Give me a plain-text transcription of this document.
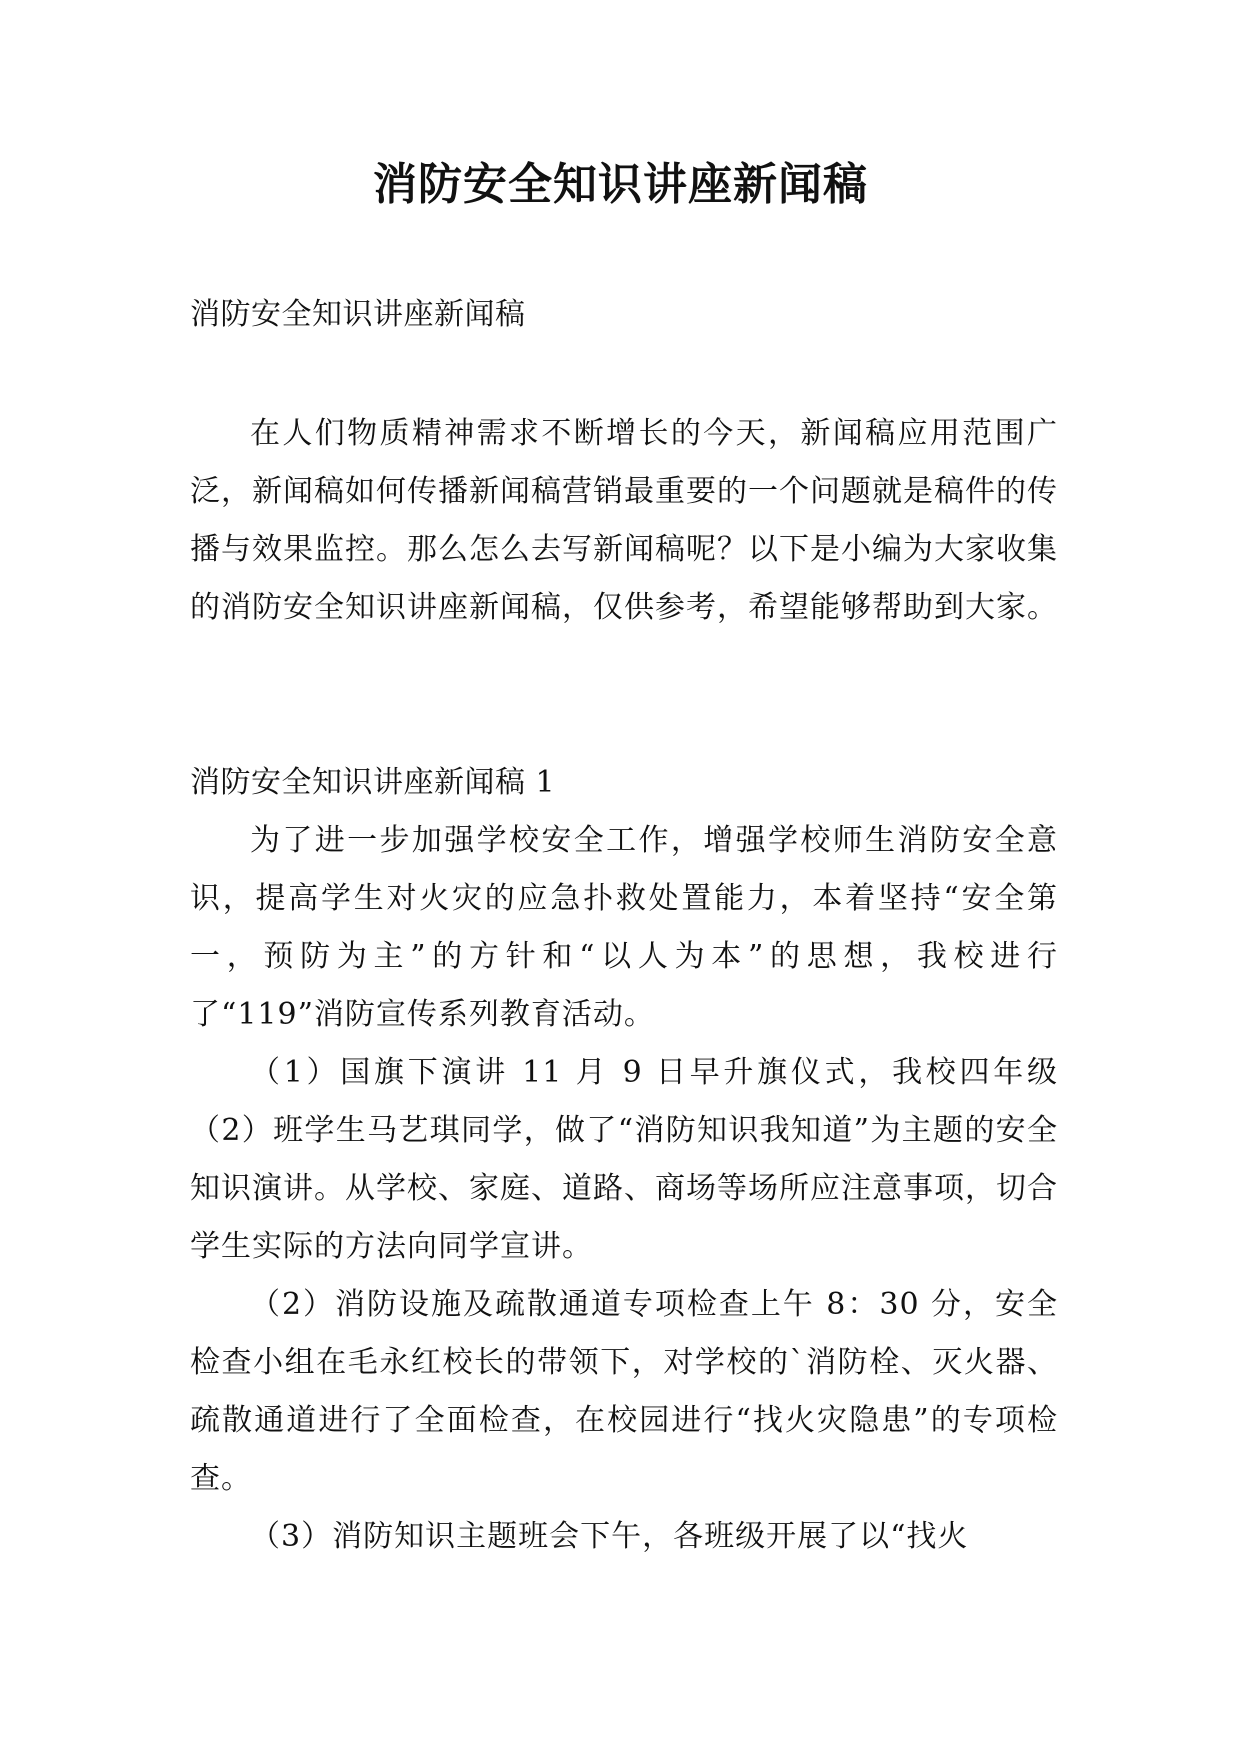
消防安全知识讲座新闻稿
消防安全知识讲座新闻稿

在人们物质精神需求不断增长的今天，新闻稿应用范围广泛，新闻稿如何传播新闻稿营销最重要的一个问题就是稿件的传播与效果监控。那么怎么去写新闻稿呢？以下是小编为大家收集的消防安全知识讲座新闻稿，仅供参考，希望能够帮助到大家。

消防安全知识讲座新闻稿 1

为了进一步加强学校安全工作，增强学校师生消防安全意识，提高学生对火灾的应急扑救处置能力，本着坚持“安全第一，预防为主”的方针和“以人为本”的思想，我校进行了“119”消防宣传系列教育活动。

（1）国旗下演讲 11 月 9 日早升旗仪式，我校四年级（2）班学生马艺琪同学，做了“消防知识我知道”为主题的安全知识演讲。从学校、家庭、道路、商场等场所应注意事项，切合学生实际的方法向同学宣讲。

（2）消防设施及疏散通道专项检查上午 8：30 分，安全检查小组在毛永红校长的带领下，对学校的`消防栓、灭火器、疏散通道进行了全面检查，在校园进行“找火灾隐患”的专项检查。

（3）消防知识主题班会下午，各班级开展了以“找火
